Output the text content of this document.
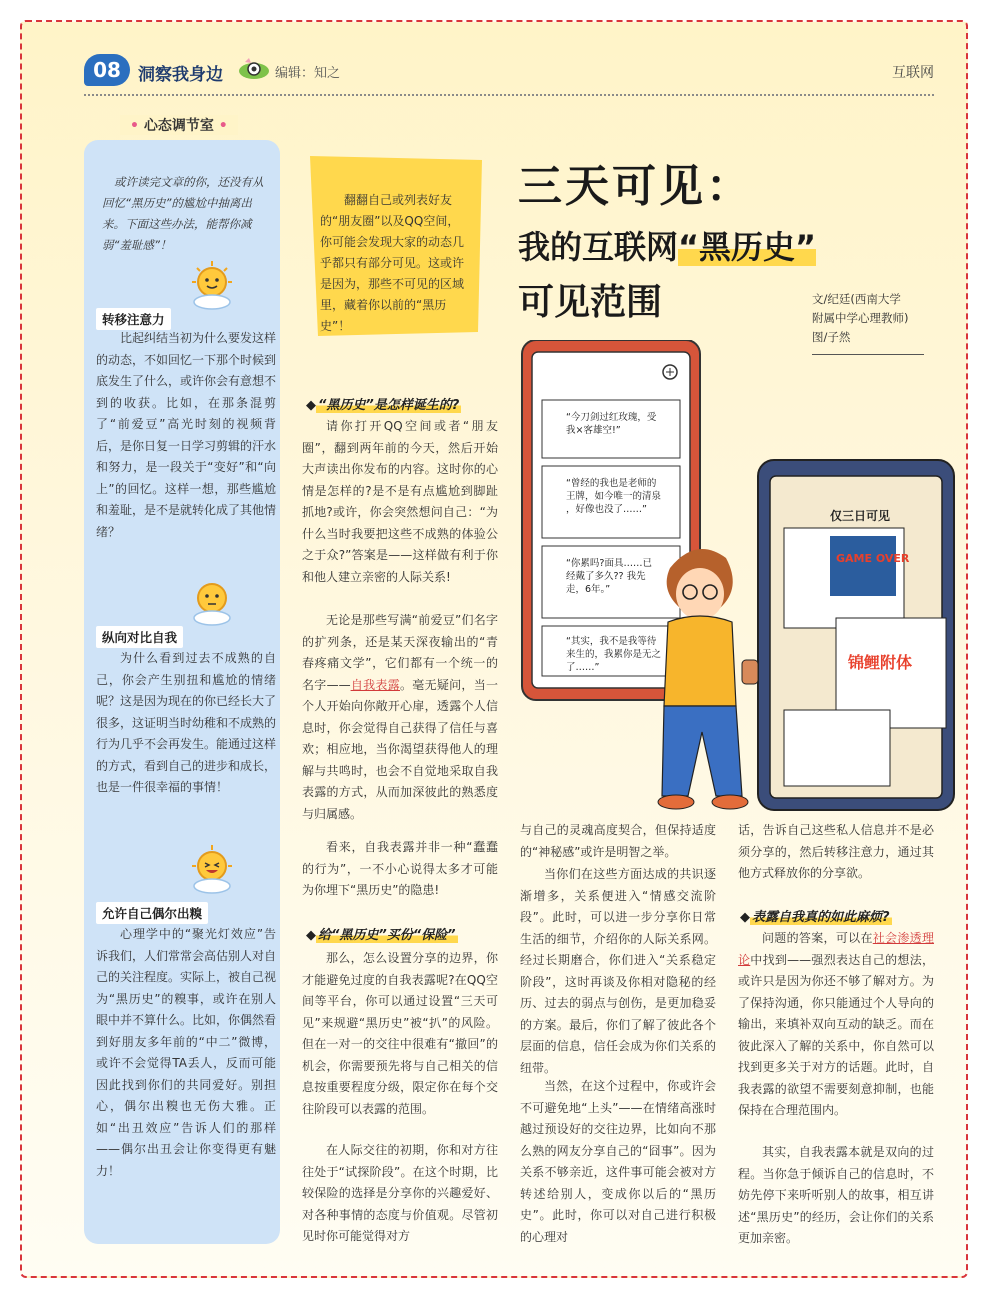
08	洞察我身边	编辑：知之	互联网
• 心态调节室 •
或许读完文章的你，还没有从回忆“黑历史”的尴尬中抽离出来。下面这些办法，能帮你减弱“羞耻感”！
转移注意力
比起纠结当初为什么要发这样的动态，不如回忆一下那个时候到底发生了什么，或许你会有意想不到的收获。比如，在那条混剪了“前爱豆”高光时刻的视频背后，是你日复一日学习剪辑的汗水和努力，是一段关于“变好”和“向上”的回忆。这样一想，那些尴尬和羞耻，是不是就转化成了其他情绪？
纵向对比自我
为什么看到过去不成熟的自己，你会产生别扭和尴尬的情绪呢？这是因为现在的你已经长大了很多，这证明当时幼稚和不成熟的行为几乎不会再发生。能通过这样的方式，看到自己的进步和成长，也是一件很幸福的事情！
允许自己偶尔出糗
心理学中的“聚光灯效应”告诉我们，人们常常会高估别人对自己的关注程度。实际上，被自己视为“黑历史”的糗事，或许在别人眼中并不算什么。比如，你偶然看到好朋友多年前的“中二”微博，或许不会觉得TA丢人，反而可能因此找到你们的共同爱好。别担心，偶尔出糗也无伤大雅。正如“出丑效应”告诉人们的那样——偶尔出丑会让你变得更有魅力！
翻翻自己或列表好友的“朋友圈”以及QQ空间，你可能会发现大家的动态几乎都只有部分可见。这或许是因为，那些不可见的区域里，藏着你以前的“黑历史”！
三天可见：
我的互联网“黑历史”
可见范围	文/纪廷(西南大学
附属中学心理教师)
图/子然
“今刀剑过红玫瑰，受我×客雄空!”
“曾经的我也是老师的王牌，如今唯一的清泉，好像也没了……”
“你累吗?面具……已经戴了多久?? 我先走，6年。”
“其实，我不是我等待来生的，我累你是无之了……”
仅三日可见
GAME OVER
锦鲤附体
◆ “黑历史”是怎样诞生的?
请你打开QQ空间或者“朋友圈”，翻到两年前的今天，然后开始大声读出你发布的内容。这时你的心情是怎样的?是不是有点尴尬到脚趾抓地?或许，你会突然想问自己：“为什么当时我要把这些不成熟的体验公之于众?”答案是——这样做有利于你和他人建立亲密的人际关系!
无论是那些写满“前爱豆”们名字的扩列条，还是某天深夜输出的“青春疼痛文学”，它们都有一个统一的名字——自我表露。毫无疑问，当一个人开始向你敞开心扉，透露个人信息时，你会觉得自己获得了信任与喜欢；相应地，当你渴望获得他人的理解与共鸣时，也会不自觉地采取自我表露的方式，从而加深彼此的熟悉度与归属感。
看来，自我表露并非一种“蠢蠢的行为”，一不小心说得太多才可能为你埋下“黑历史”的隐患!
◆ 给“黑历史”买份“保险”
那么，怎么设置分享的边界，你才能避免过度的自我表露呢?在QQ空间等平台，你可以通过设置“三天可见”来规避“黑历史”被“扒”的风险。但在一对一的交往中很难有“撤回”的机会，你需要预先将与自己相关的信息按重要程度分级，限定你在每个交往阶段可以表露的范围。
在人际交往的初期，你和对方往往处于“试探阶段”。在这个时期，比较保险的选择是分享你的兴趣爱好、对各种事情的态度与价值观。尽管初见时你可能觉得对方
与自己的灵魂高度契合，但保持适度的“神秘感”或许是明智之举。
当你们在这些方面达成的共识逐渐增多，关系便进入“情感交流阶段”。此时，可以进一步分享你日常生活的细节，介绍你的人际关系网。经过长期磨合，你们进入“关系稳定阶段”，这时再谈及你相对隐秘的经历、过去的弱点与创伤，是更加稳妥的方案。最后，你们了解了彼此各个层面的信息，信任会成为你们关系的纽带。
当然，在这个过程中，你或许会不可避免地“上头”——在情绪高涨时越过预设好的交往边界，比如向不那么熟的网友分享自己的“囧事”。因为关系不够亲近，这件事可能会被对方转述给别人，变成你以后的“黑历史”。此时，你可以对自己进行积极的心理对
话，告诉自己这些私人信息并不是必须分享的，然后转移注意力，通过其他方式释放你的分享欲。
◆ 表露自我真的如此麻烦?
问题的答案，可以在社会渗透理论中找到——强烈表达自己的想法，或许只是因为你还不够了解对方。为了保持沟通，你只能通过个人导向的输出，来填补双向互动的缺乏。而在彼此深入了解的关系中，你自然可以找到更多关于对方的话题。此时，自我表露的欲望不需要刻意抑制，也能保持在合理范围内。
其实，自我表露本就是双向的过程。当你急于倾诉自己的信息时，不妨先停下来听听别人的故事，相互讲述“黑历史”的经历，会让你们的关系更加亲密。
